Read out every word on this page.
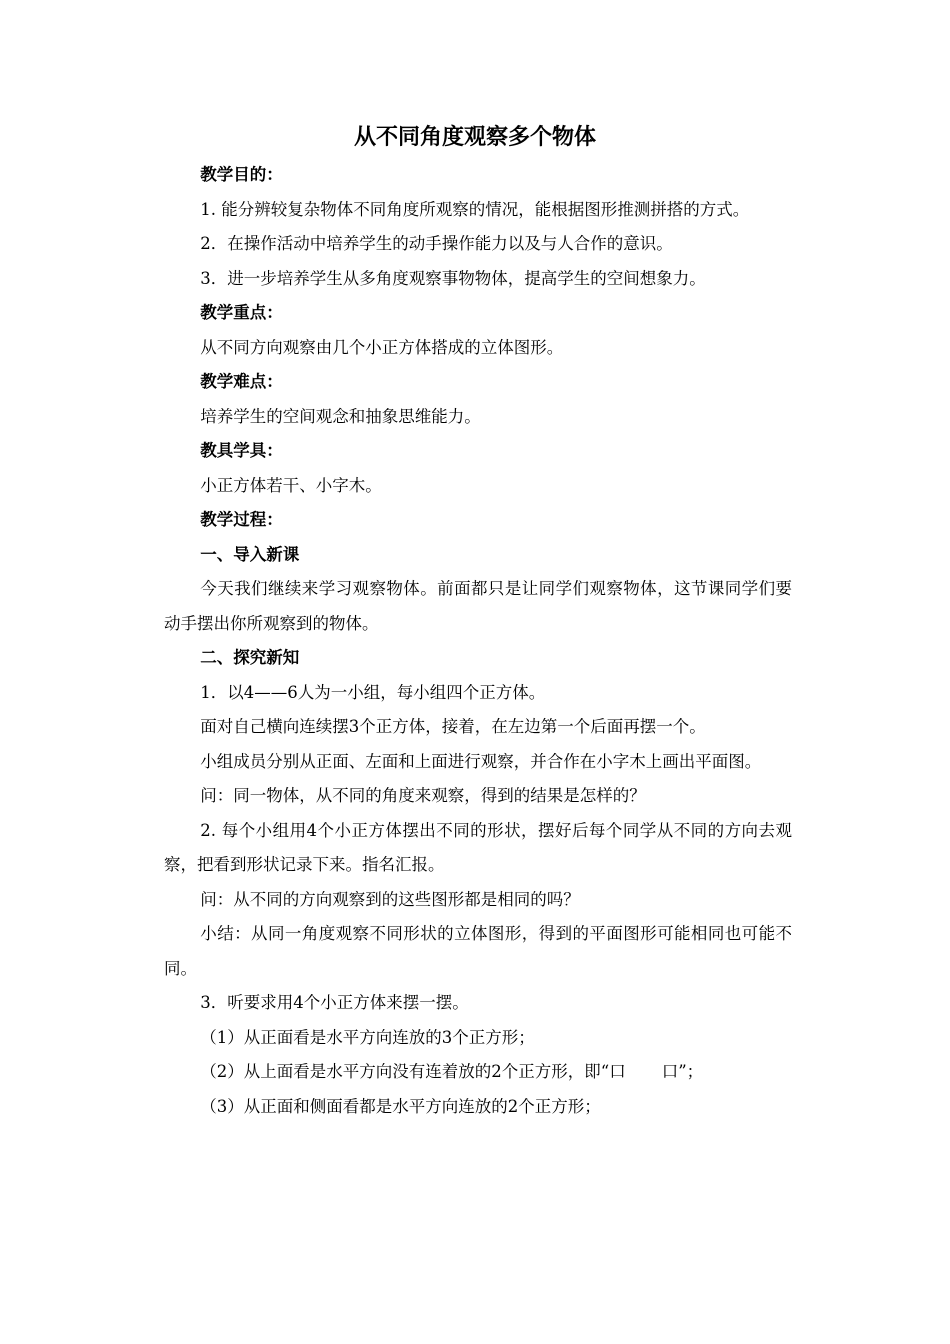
从不同角度观察多个物体

教学目的：

1. 能分辨较复杂物体不同角度所观察的情况，能根据图形推测拼搭的方式。

2．在操作活动中培养学生的动手操作能力以及与人合作的意识。

3．进一步培养学生从多角度观察事物物体，提高学生的空间想象力。

教学重点：

从不同方向观察由几个小正方体搭成的立体图形。

教学难点：

培养学生的空间观念和抽象思维能力。

教具学具：

小正方体若干、小字木。

教学过程：

一、导入新课

今天我们继续来学习观察物体。前面都只是让同学们观察物体，这节课同学们要动手摆出你所观察到的物体。

二、探究新知

1．以4——6人为一小组，每小组四个正方体。

面对自己横向连续摆3个正方体，接着，在左边第一个后面再摆一个。

小组成员分别从正面、左面和上面进行观察，并合作在小字木上画出平面图。

问：同一物体，从不同的角度来观察，得到的结果是怎样的？

2. 每个小组用4个小正方体摆出不同的形状，摆好后每个同学从不同的方向去观察，把看到形状记录下来。指名汇报。

问：从不同的方向观察到的这些图形都是相同的吗？

小结：从同一角度观察不同形状的立体图形，得到的平面图形可能相同也可能不同。

3．听要求用4个小正方体来摆一摆。

（1）从正面看是水平方向连放的3个正方形；

（2）从上面看是水平方向没有连着放的2个正方形，即“口 口”；

（3）从正面和侧面看都是水平方向连放的2个正方形；
